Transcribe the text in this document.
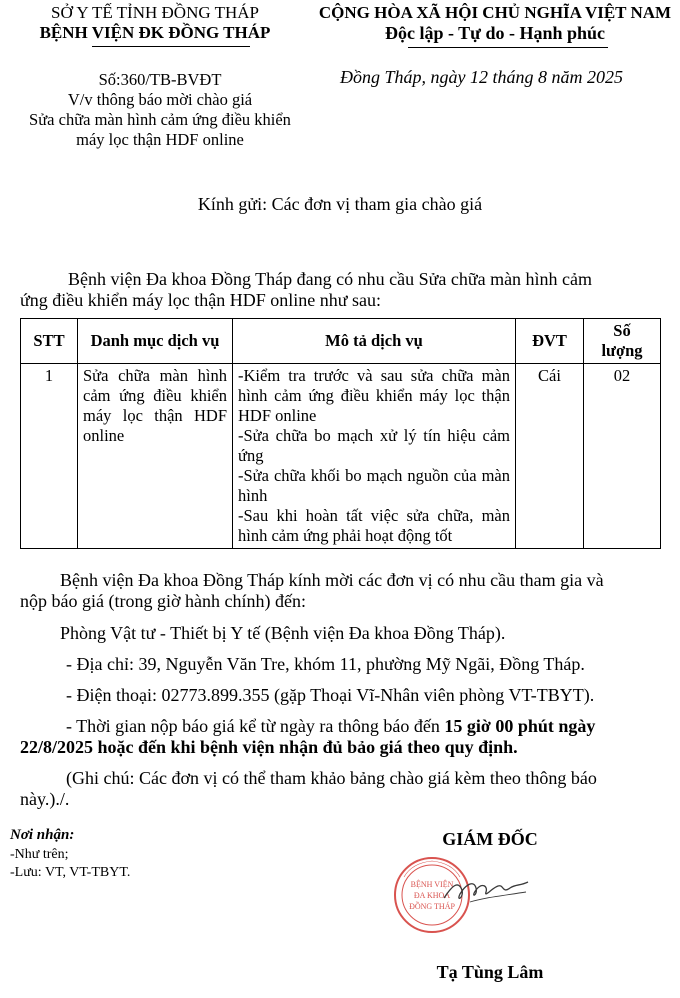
SỞ Y TẾ TỈNH ĐỒNG THÁP
BỆNH VIỆN ĐK ĐỒNG THÁP
CỘNG HÒA XÃ HỘI CHỦ NGHĨA VIỆT NAM
Độc lập - Tự do - Hạnh phúc
Số:360/TB-BVĐT
V/v thông báo mời chào giá
Sửa chữa màn hình cảm ứng điều khiển
máy lọc thận HDF online
Đồng Tháp, ngày 12 tháng 8 năm 2025
Kính gửi: Các đơn vị tham gia chào giá
Bệnh viện Đa khoa Đồng Tháp đang có nhu cầu Sửa chữa màn hình cảm
ứng điều khiển máy lọc thận HDF online như sau:
STT	Danh mục dịch vụ	Mô tả dịch vụ	ĐVT	Số
lượng

1	Sửa chữa màn hình cảm ứng điều khiển máy lọc thận HDF online	-Kiểm tra trước và sau sửa chữa màn hình cảm ứng điều khiển máy lọc thận HDF online
-Sửa chữa bo mạch xử lý tín hiệu cảm ứng
-Sửa chữa khối bo mạch nguồn của màn hình
-Sau khi hoàn tất việc sửa chữa, màn hình cảm ứng phải hoạt động tốt	Cái	02
Bệnh viện Đa khoa Đồng Tháp kính mời các đơn vị có nhu cầu tham gia và
nộp báo giá (trong giờ hành chính) đến:
Phòng Vật tư - Thiết bị Y tế (Bệnh viện Đa khoa Đồng Tháp).
- Địa chỉ: 39, Nguyễn Văn Tre, khóm 11, phường Mỹ Ngãi, Đồng Tháp.
- Điện thoại: 02773.899.355 (gặp Thoại Vĩ-Nhân viên phòng VT-TBYT).
- Thời gian nộp báo giá kể từ ngày ra thông báo đến 15 giờ 00 phút ngày
22/8/2025 hoặc đến khi bệnh viện nhận đủ bảo giá theo quy định.
(Ghi chú: Các đơn vị có thể tham khảo bảng chào giá kèm theo thông báo
này.)./.
Nơi nhận:
-Như trên;
-Lưu: VT, VT-TBYT.
GIÁM ĐỐC
BỆNH VIỆN
ĐA KHOA
ĐỒNG THÁP
Tạ Tùng Lâm
